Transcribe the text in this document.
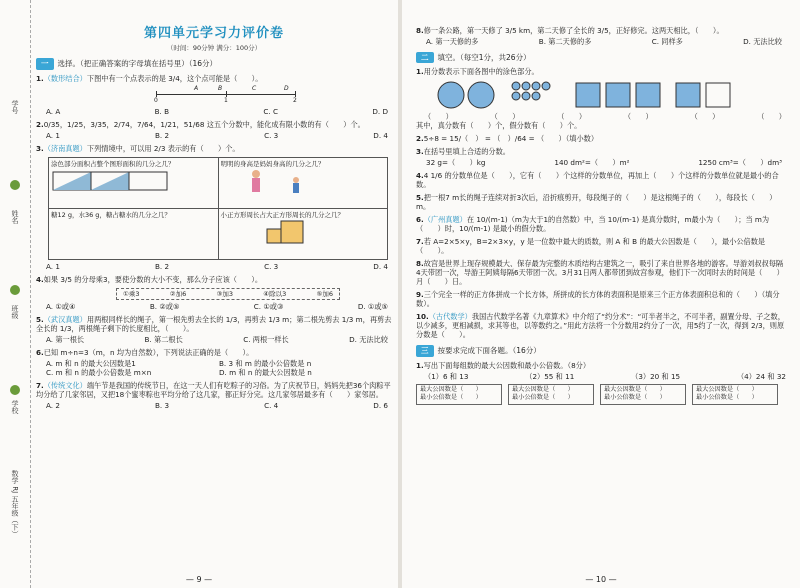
学号
姓名
班级
学校
数学 RJ 五年级（下）
第四单元学习力评价卷
（时间：90分钟 满分：100分）
一	选择。（把正确答案的字母填在括号里）（16分）
1.（数形结合）下图中有一个点表示的是 3/4，这个点可能是（　　）。
0	1	2
A	B	C	D
A. A	B. B	C. C	D. D
2.0/35，1/25，3/35，2/74，7/64，1/21，51/68 这五个分数中，能化成有限小数的有（　　）个。
A. 1	B. 2	C. 3	D. 4
3.（济南真题）下列情境中，可以用 2/3 表示的有（　　）个。
涂色部分面积占整个图形面积的几分之几？	明明的身高是妈妈身高的几分之几？

糖12 g，水36 g，糖占糖水的几分之几？	小正方形周长占大正方形周长的几分之几？
A. 1	B. 2	C. 3	D. 4
4.如果 3/5 的分母乘3，要使分数的大小不变，那么分子应该（　　）。
①乘3	②加6	③加3	④除以3	⑤加6
A. ①或④	B. ②或⑤	C. ①或③	D. ①或⑤
5.（武汉真题）用两根同样长的绳子，第一根先剪去全长的 1/3，再剪去 1/3 m；第二根先剪去 1/3 m，再剪去全长的 1/3，两根绳子剩下的长度相比，（　　）。
A. 第一根长	B. 第二根长	C. 两根一样长	D. 无法比较
6.已知 m÷n=3（m，n 均为自然数），下列说法正确的是（　　）。
A. m 和 n 的最大公因数是1	B. 3 和 m 的最小公倍数是 n
C. m 和 n 的最小公倍数是 m×n	D. m 和 n 的最大公因数是 n
7.（传统文化）端午节是我国的传统节日，在这一天人们有吃粽子的习俗。为了庆祝节日，妈妈先把36个肉粽平均分给了几家邻居，又把18个蜜枣粽也平均分给了这几家，都正好分完。这几家邻居最多有（　　）家邻居。
A. 2	B. 3	C. 4	D. 6
— 9 —
8.修一条公路，第一天修了 3/5 km，第二天修了全长的 3/5，正好修完。这两天相比，（　　）。
A. 第一天修的多	B. 第二天修的多	C. 同样多	D. 无法比较
二	填空。（每空1分，共26分）
1.用分数表示下面各图中的涂色部分。
（　　）	（　　）	（　　）	（　　）	（　　）	（　　）
其中，真分数有（　　）个，假分数有（　　）个。
2.5÷8 = 15/（　） = （　）/64 = （　　）（填小数）
3.在括号里填上合适的分数。
32 g=（　　）kg	140 dm²=（　　）m²	1250 cm³=（　　）dm³
4.4 1/6 的分数单位是（　　），它有（　　）个这样的分数单位，再加上（　　）个这样的分数单位就是最小的合数。
5.把一根7 m长的绳子连续对折3次后，沿折痕剪开，每段绳子的（　　）是这根绳子的（　　），每段长（　　）m。
6.（广州真题）在 10/(m-1)（m为大于1的自然数）中，当 10/(m-1) 是真分数时，m最小为（　　）；当 m为（　　）时，10/(m-1) 是最小的假分数。
7.若 A=2×5×y，B=2×3×y，y 是一位数中最大的质数，则 A 和 B 的最大公因数是（　　），最小公倍数是（　　）。
8.故宫是世界上现存规模最大、保存最为完整的木质结构古建筑之一，吸引了来自世界各地的游客。导游刘叔叔每隔4天带团一次，导游王阿姨每隔6天带团一次。3月31日两人都带团到故宫参观，他们下一次同时去的时间是（　　）月（　　）日。
9.三个完全一样的正方体拼成一个长方体，所拼成的长方体的表面积是原来三个正方体表面积总和的（　　）（填分数）。
10.（古代数学）我国古代数学名著《九章算术》中介绍了“约分术”：“可半者半之，不可半者，副置分母、子之数，以少减多，更相减损，求其等也，以等数约之。”用此方法将一个分数用2约分了一次，用5约了一次，得到 2/3，则原分数是（　　）。
三	按要求完成下面各题。（16分）
1.写出下面每组数的最大公因数和最小公倍数。（8分）
（1）6 和 13	（2）55 和 11	（3）20 和 15	（4）24 和 32
最大公因数是（　　）
最小公倍数是（　　）
最大公因数是（　　）
最小公倍数是（　　）
最大公因数是（　　）
最小公倍数是（　　）
最大公因数是（　　）
最小公倍数是（　　）
— 10 —
